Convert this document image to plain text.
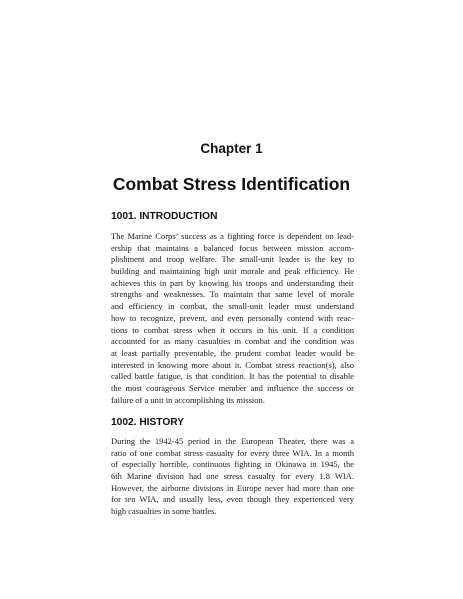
Chapter 1
Combat Stress Identification
1001. INTRODUCTION
The Marine Corps’ success as a fighting force is dependent on lead-
ership that maintains a balanced focus between mission accom-
plishment and troop welfare. The small-unit leader is the key to
building and maintaining high unit morale and peak efficiency. He
achieves this in part by knowing his troops and understanding their
strengths and weaknesses. To maintain that same level of morale
and efficiency in combat, the small-unit leader must understand
how to recognize, prevent, and even personally contend with reac-
tions to combat stress when it occurs in his unit. If a condition
accounted for as many casualties in combat and the condition was
at least partially preventable, the prudent combat leader would be
interested in knowing more about it. Combat stress reaction(s), also
called battle fatigue, is that condition. It has the potential to disable
the most courageous Service member and influence the success or
failure of a unit in accomplishing its mission.
1002. HISTORY
During the 1942-45 period in the European Theater, there was a
ratio of one combat stress casualty for every three WIA. In a month
of especially horrible, continuous fighting in Okinawa in 1945, the
6th Marine division had one stress casualty for every 1.8 WIA.
However, the airborne divisions in Europe never had more than one
for ten WIA, and usually less, even though they experienced very
high casualties in some battles.
